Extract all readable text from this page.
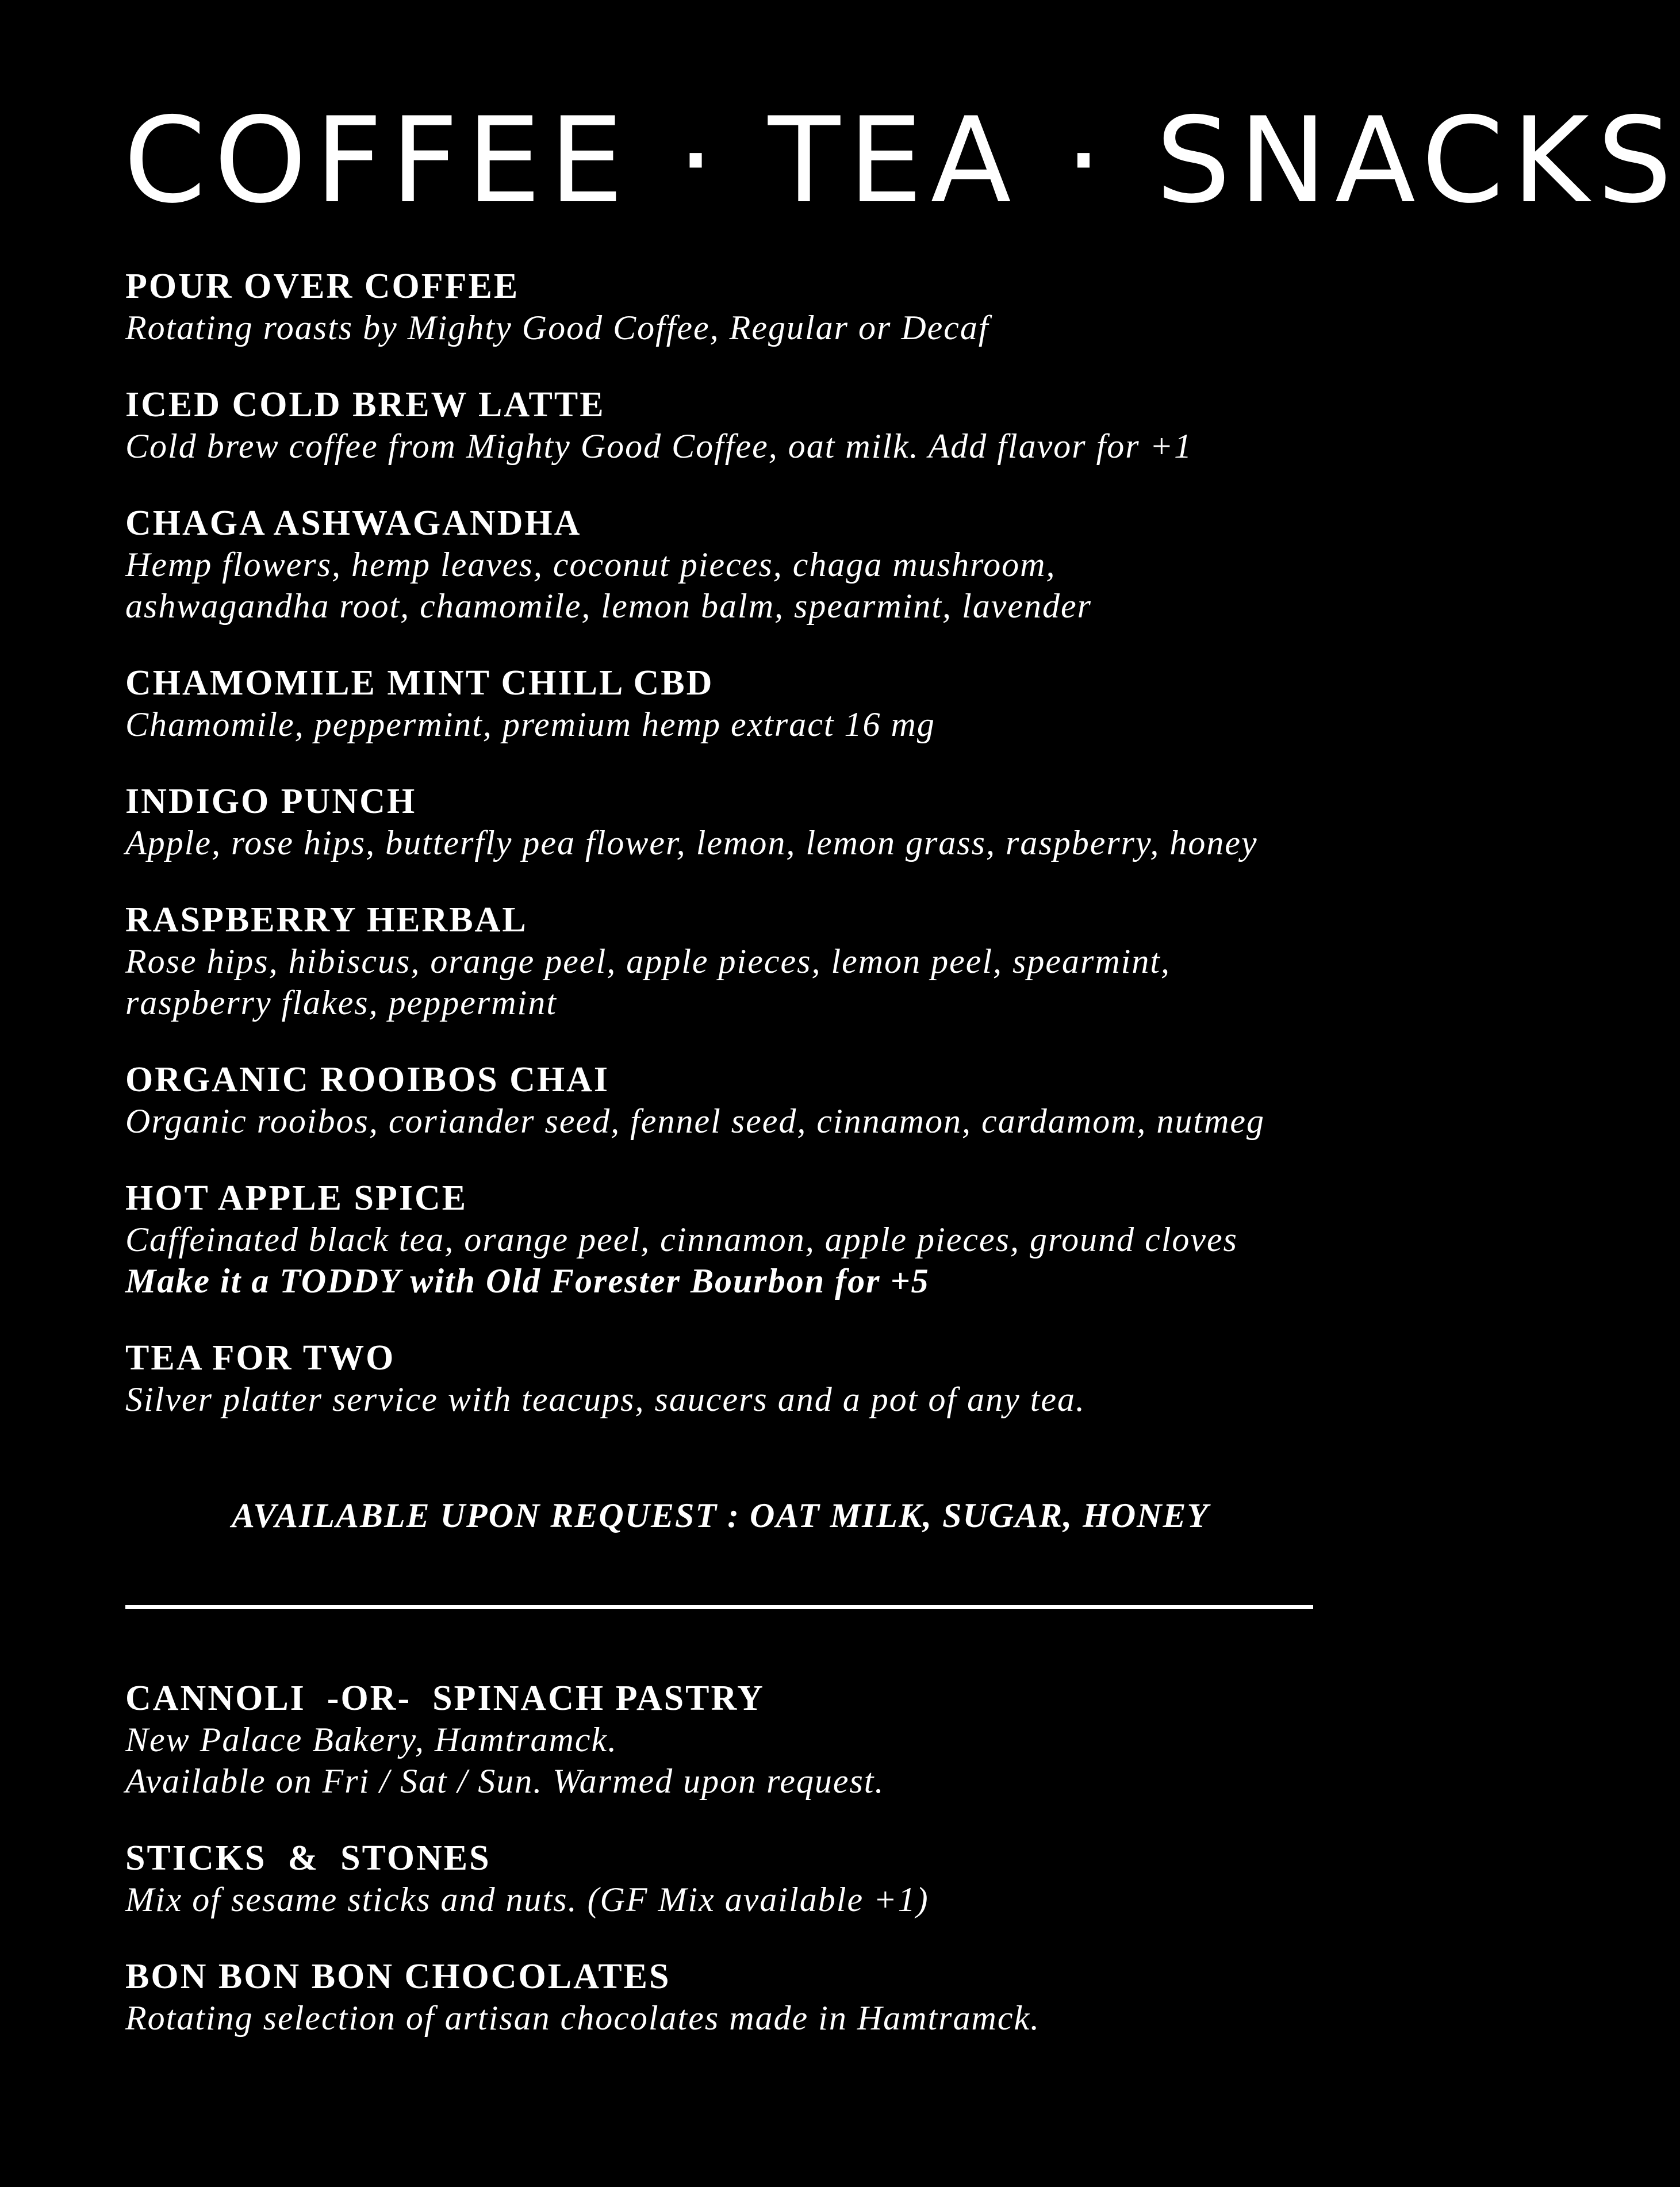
COFFEE · TEA · SNACKS

POUR OVER COFFEE

Rotating roasts by Mighty Good Coffee, Regular or Decaf

ICED COLD BREW LATTE

Cold brew coffee from Mighty Good Coffee, oat milk. Add flavor for +1

CHAGA ASHWAGANDHA

Hemp flowers, hemp leaves, coconut pieces, chaga mushroom,

ashwagandha root, chamomile, lemon balm, spearmint, lavender

CHAMOMILE MINT CHILL CBD

Chamomile, peppermint, premium hemp extract 16 mg

INDIGO PUNCH

Apple, rose hips, butterfly pea flower, lemon, lemon grass, raspberry, honey

RASPBERRY HERBAL

Rose hips, hibiscus, orange peel, apple pieces, lemon peel, spearmint,

raspberry flakes, peppermint

ORGANIC ROOIBOS CHAI

Organic rooibos, coriander seed, fennel seed, cinnamon, cardamom, nutmeg

HOT APPLE SPICE

Caffeinated black tea, orange peel, cinnamon, apple pieces, ground cloves

Make it a TODDY with Old Forester Bourbon for +5

TEA FOR TWO

Silver platter service with teacups, saucers and a pot of any tea.

AVAILABLE UPON REQUEST : OAT MILK, SUGAR, HONEY

CANNOLI  -OR-  SPINACH PASTRY

New Palace Bakery, Hamtramck.

Available on Fri / Sat / Sun. Warmed upon request.

STICKS  &  STONES

Mix of sesame sticks and nuts. (GF Mix available +1)

BON BON BON CHOCOLATES

Rotating selection of artisan chocolates made in Hamtramck.
